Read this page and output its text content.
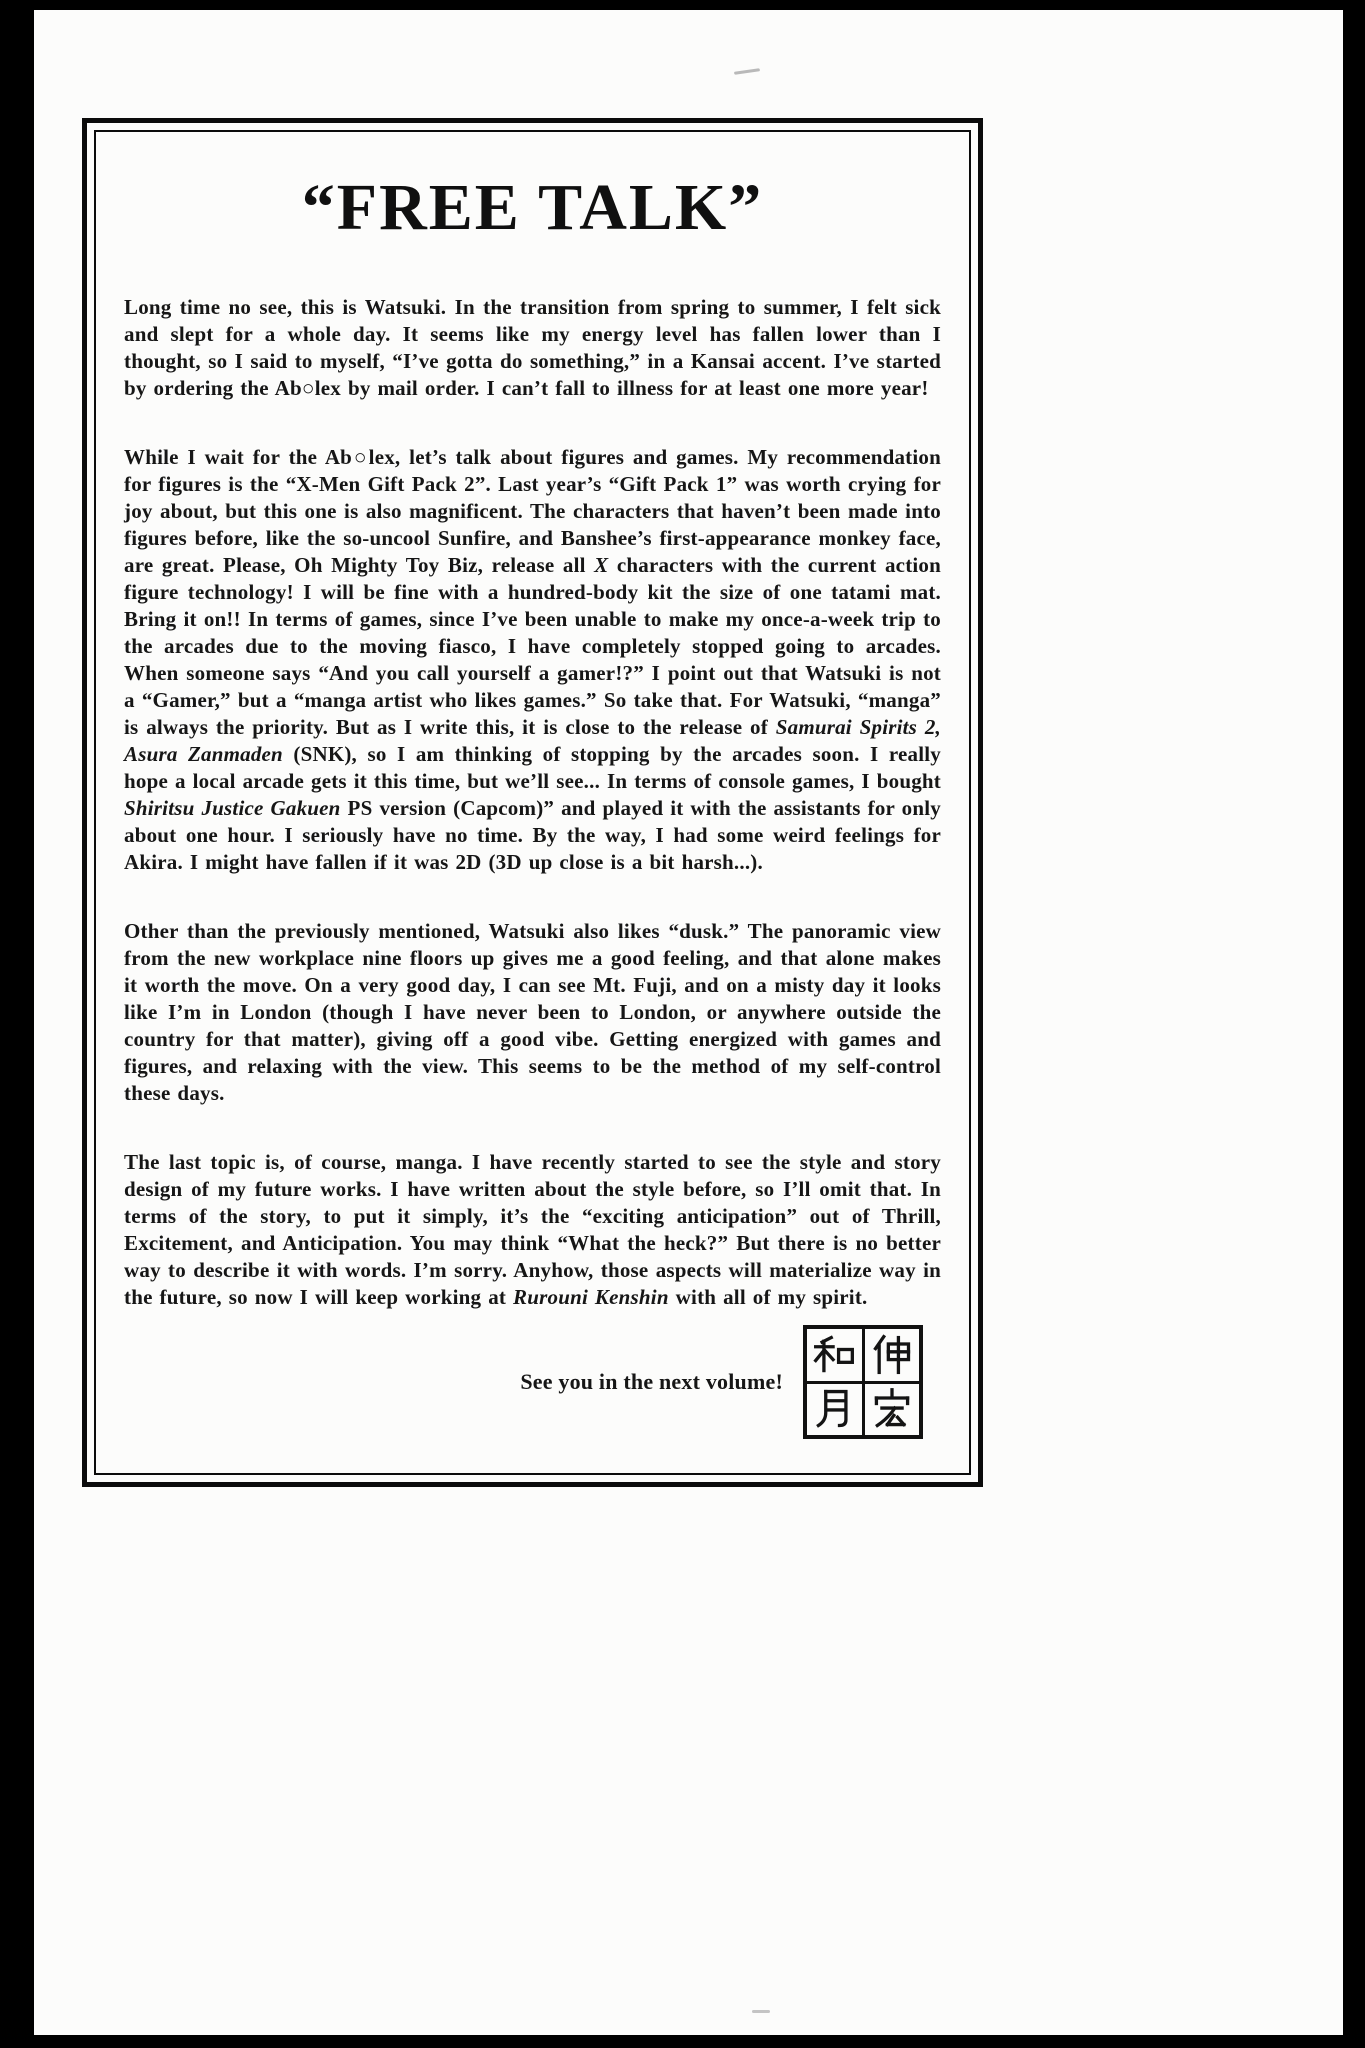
“FREE TALK”

Long time no see, this is Watsuki. In the transition from spring to summer, I felt sick and slept for a whole day. It seems like my energy level has fallen lower than I thought, so I said to myself, “I’ve gotta do something,” in a Kansai accent. I’ve started by ordering the Ab○lex by mail order. I can’t fall to illness for at least one more year!

While I wait for the Ab○lex, let’s talk about figures and games. My recommendation for figures is the “X-Men Gift Pack 2”. Last year’s “Gift Pack 1” was worth crying for joy about, but this one is also magnificent. The characters that haven’t been made into figures before, like the so-uncool Sunfire, and Banshee’s first-appearance monkey face, are great. Please, Oh Mighty Toy Biz, release all X characters with the current action figure technology! I will be fine with a hundred-body kit the size of one tatami mat. Bring it on!! In terms of games, since I’ve been unable to make my once-a-week trip to the arcades due to the moving fiasco, I have completely stopped going to arcades. When someone says “And you call yourself a gamer!?” I point out that Watsuki is not a “Gamer,” but a “manga artist who likes games.” So take that. For Watsuki, “manga” is always the priority. But as I write this, it is close to the release of Samurai Spirits 2, Asura Zanmaden (SNK), so I am thinking of stopping by the arcades soon. I really hope a local arcade gets it this time, but we’ll see... In terms of console games, I bought Shiritsu Justice Gakuen PS version (Capcom)” and played it with the assistants for only about one hour. I seriously have no time. By the way, I had some weird feelings for Akira. I might have fallen if it was 2D (3D up close is a bit harsh...).

Other than the previously mentioned, Watsuki also likes “dusk.” The panoramic view from the new workplace nine floors up gives me a good feeling, and that alone makes it worth the move. On a very good day, I can see Mt. Fuji, and on a misty day it looks like I’m in London (though I have never been to London, or anywhere outside the country for that matter), giving off a good vibe. Getting energized with games and figures, and relaxing with the view. This seems to be the method of my self-control these days.

The last topic is, of course, manga. I have recently started to see the style and story design of my future works. I have written about the style before, so I’ll omit that. In terms of the story, to put it simply, it’s the “exciting anticipation” out of Thrill, Excitement, and Anticipation. You may think “What the heck?” But there is no better way to describe it with words. I’m sorry. Anyhow, those aspects will materialize way in the future, so now I will keep working at Rurouni Kenshin with all of my spirit.

See you in the next volume!
